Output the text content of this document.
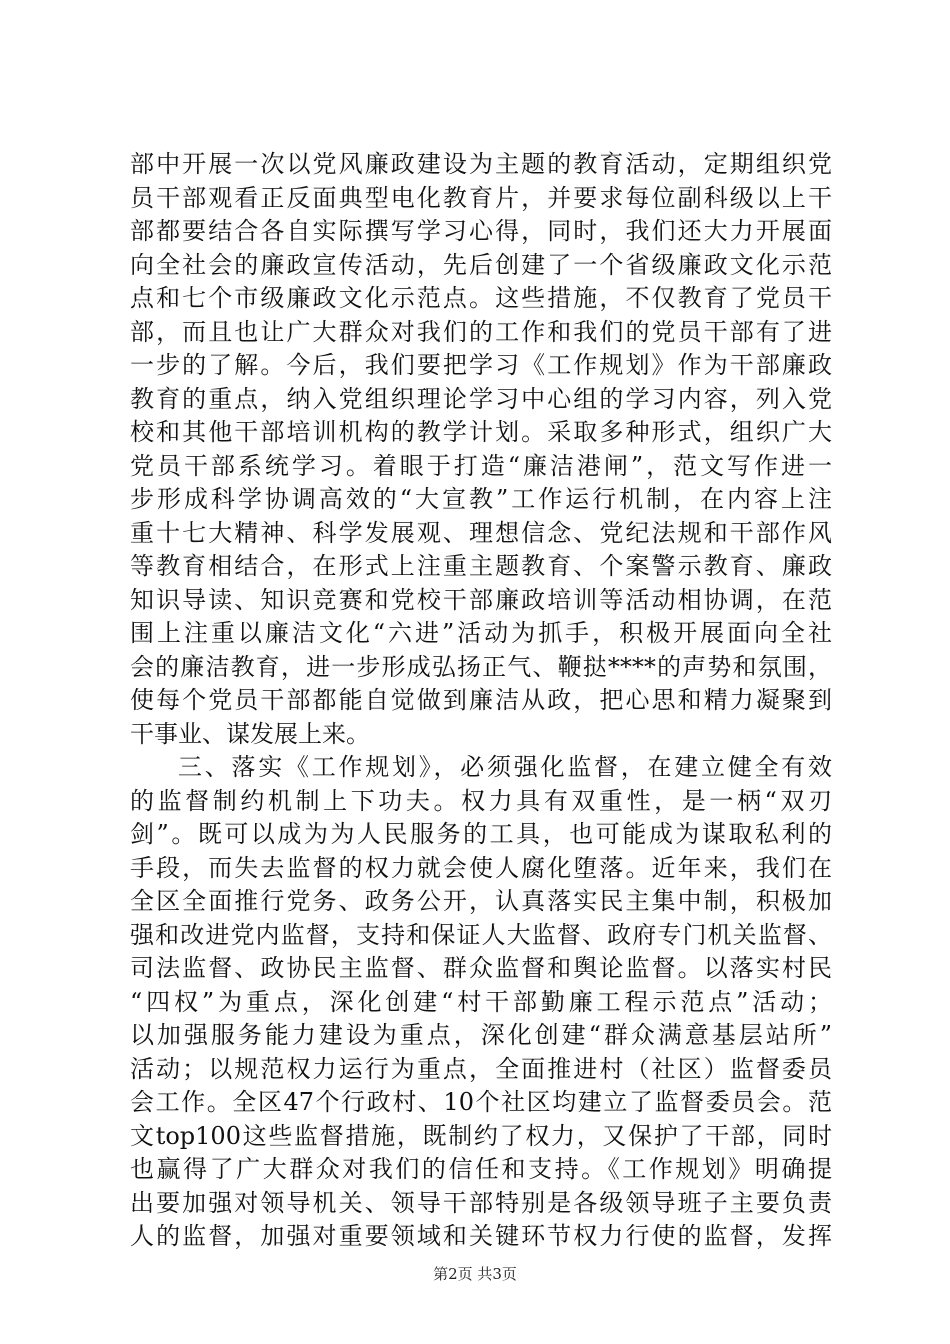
部中开展一次以党风廉政建设为主题的教育活动，定期组织党
员干部观看正反面典型电化教育片，并要求每位副科级以上干
部都要结合各自实际撰写学习心得，同时，我们还大力开展面
向全社会的廉政宣传活动，先后创建了一个省级廉政文化示范
点和七个市级廉政文化示范点。这些措施，不仅教育了党员干
部，而且也让广大群众对我们的工作和我们的党员干部有了进
一步的了解。今后，我们要把学习《工作规划》作为干部廉政
教育的重点，纳入党组织理论学习中心组的学习内容，列入党
校和其他干部培训机构的教学计划。采取多种形式，组织广大
党员干部系统学习。着眼于打造“廉洁港闸”，范文写作进一
步形成科学协调高效的“大宣教”工作运行机制，在内容上注
重十七大精神、科学发展观、理想信念、党纪法规和干部作风
等教育相结合，在形式上注重主题教育、个案警示教育、廉政
知识导读、知识竞赛和党校干部廉政培训等活动相协调，在范
围上注重以廉洁文化“六进”活动为抓手，积极开展面向全社
会的廉洁教育，进一步形成弘扬正气、鞭挞****的声势和氛围，
使每个党员干部都能自觉做到廉洁从政，把心思和精力凝聚到
干事业、谋发展上来。
三、落实《工作规划》，必须强化监督，在建立健全有效
的监督制约机制上下功夫。权力具有双重性，是一柄“双刃
剑”。既可以成为为人民服务的工具，也可能成为谋取私利的
手段，而失去监督的权力就会使人腐化堕落。近年来，我们在
全区全面推行党务、政务公开，认真落实民主集中制，积极加
强和改进党内监督，支持和保证人大监督、政府专门机关监督、
司法监督、政协民主监督、群众监督和舆论监督。以落实村民
“四权”为重点，深化创建“村干部勤廉工程示范点”活动；
以加强服务能力建设为重点，深化创建“群众满意基层站所”
活动；以规范权力运行为重点，全面推进村（社区）监督委员
会工作。全区47个行政村、10个社区均建立了监督委员会。范
文top100这些监督措施，既制约了权力，又保护了干部，同时
也赢得了广大群众对我们的信任和支持。《工作规划》明确提
出要加强对领导机关、领导干部特别是各级领导班子主要负责
人的监督，加强对重要领域和关键环节权力行使的监督，发挥
第2页 共3页
